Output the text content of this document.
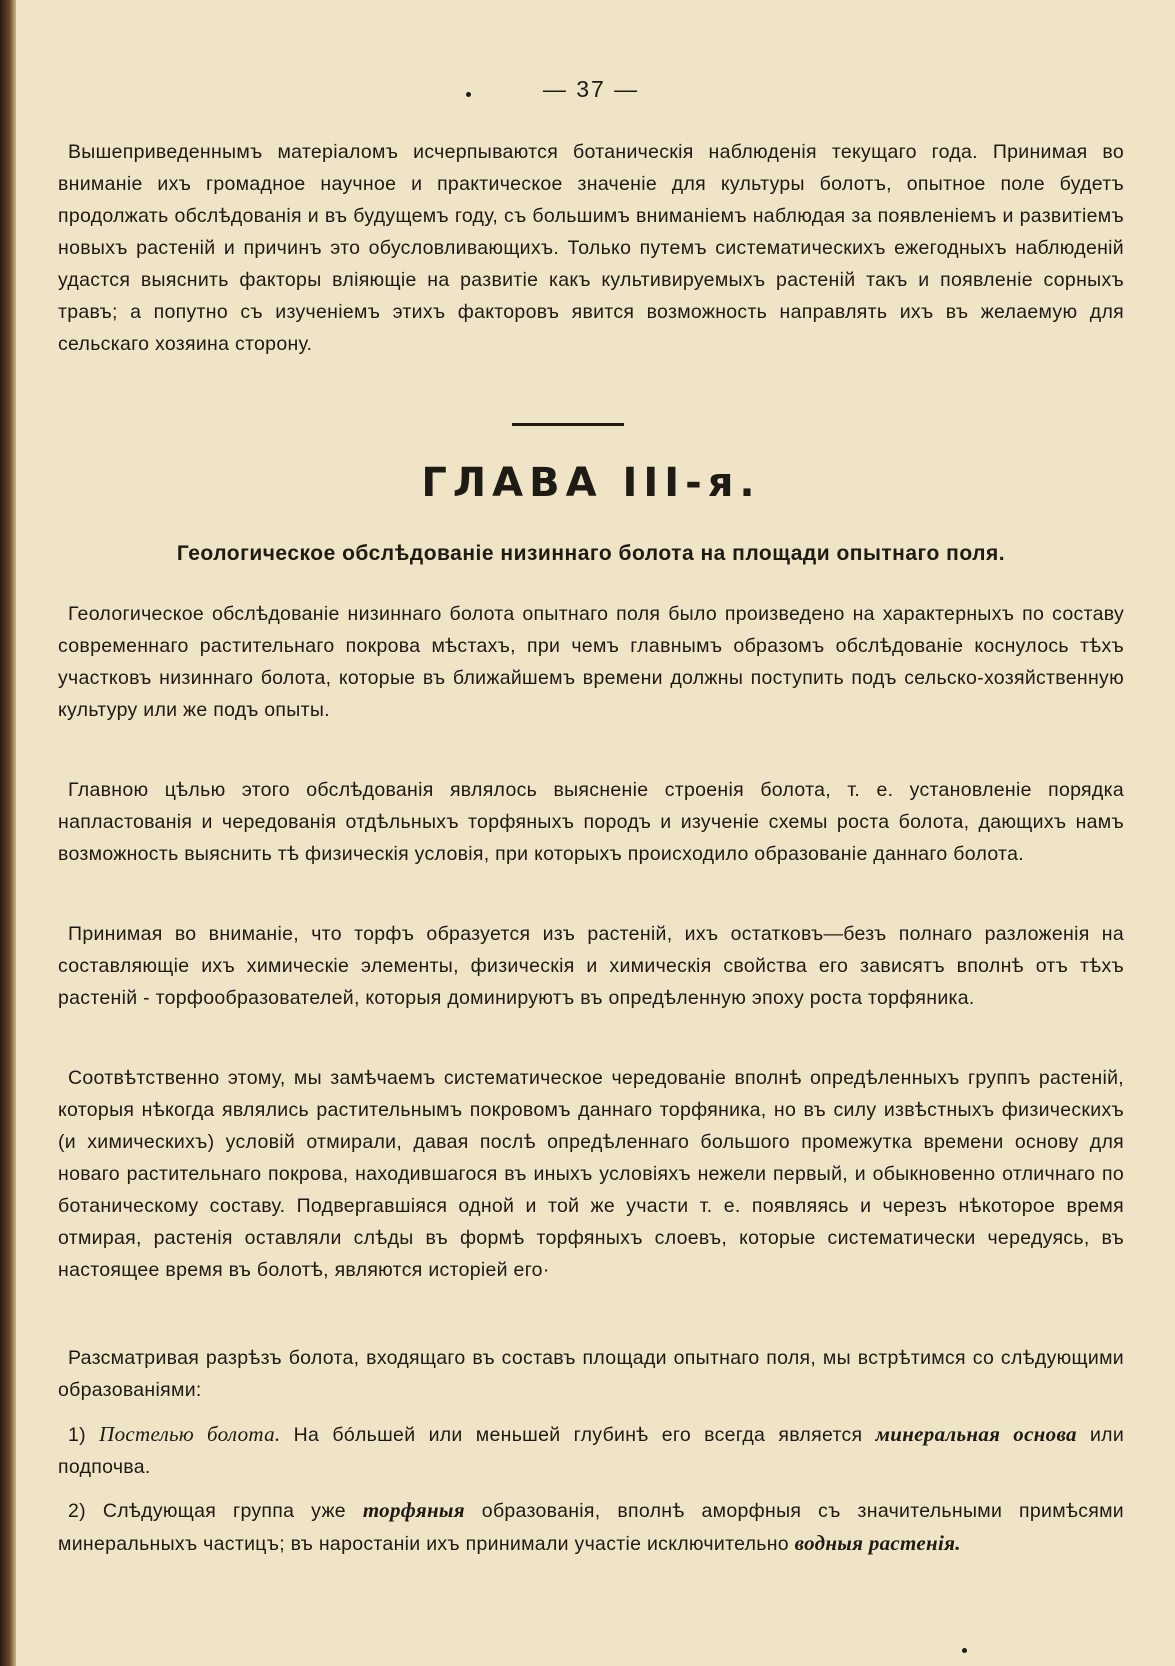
— 37 —

Вышеприведеннымъ матеріаломъ исчерпываются ботаническія наблюденія текущаго года. Принимая во вниманіе ихъ громадное научное и практическое значеніе для культуры болотъ, опытное поле будетъ продолжать обслѣдованія и въ будущемъ году, съ большимъ вниманіемъ наблюдая за появленіемъ и развитіемъ новыхъ растеній и причинъ это обусловливающихъ. Только путемъ систематическихъ ежегодныхъ наблюденій удастся выяснить факторы вліяющіе на развитіе какъ культивируемыхъ растеній такъ и появленіе сорныхъ травъ; а попутно съ изученіемъ этихъ факторовъ явится возможность направлять ихъ въ желаемую для сельскаго хозяина сторону.

ГЛАВА III-я.
Геологическое обслѣдованіе низиннаго болота на площади опытнаго поля.

Геологическое обслѣдованіе низиннаго болота опытнаго поля было произведено на характерныхъ по составу современнаго растительнаго покрова мѣстахъ, при чемъ главнымъ образомъ обслѣдованіе коснулось тѣхъ участковъ низиннаго болота, которые въ ближайшемъ времени должны поступить подъ сельско-хозяйственную культуру или же подъ опыты.

Главною цѣлью этого обслѣдованія являлось выясненіе строенія болота, т. е. установленіе порядка напластованія и чередованія отдѣльныхъ торфяныхъ породъ и изученіе схемы роста болота, дающихъ намъ возможность выяснить тѣ физическія условія, при которыхъ происходило образованіе даннаго болота.

Принимая во вниманіе, что торфъ образуется изъ растеній, ихъ остатковъ—безъ полнаго разложенія на составляющіе ихъ химическіе элементы, физическія и химическія свойства его зависятъ вполнѣ отъ тѣхъ растеній - торфообразователей, которыя доминируютъ въ опредѣленную эпоху роста торфяника.

Соотвѣтственно этому, мы замѣчаемъ систематическое чередованіе вполнѣ опредѣленныхъ группъ растеній, которыя нѣкогда являлись растительнымъ покровомъ даннаго торфяника, но въ силу извѣстныхъ физическихъ (и химическихъ) условій отмирали, давая послѣ опредѣленнаго большого промежутка времени основу для новаго растительнаго покрова, находившагося въ иныхъ условіяхъ нежели первый, и обыкновенно отличнаго по ботаническому составу. Подвергавшіяся одной и той же участи т. е. появляясь и черезъ нѣкоторое время отмирая, растенія оставляли слѣды въ формѣ торфяныхъ слоевъ, которые систематически чередуясь, въ настоящее время въ болотѣ, являются исторіей его·

Разсматривая разрѣзъ болота, входящаго въ составъ площади опытнаго поля, мы встрѣтимся со слѣдующими образованіями:

1) Постелью болота. На бóльшей или меньшей глубинѣ его всегда является минеральная основа или подпочва.

2) Слѣдующая группа уже торфяныя образованія, вполнѣ аморфныя съ значительными примѣсями минеральныхъ частицъ; въ наростаніи ихъ принимали участіе исключительно водныя растенія.
